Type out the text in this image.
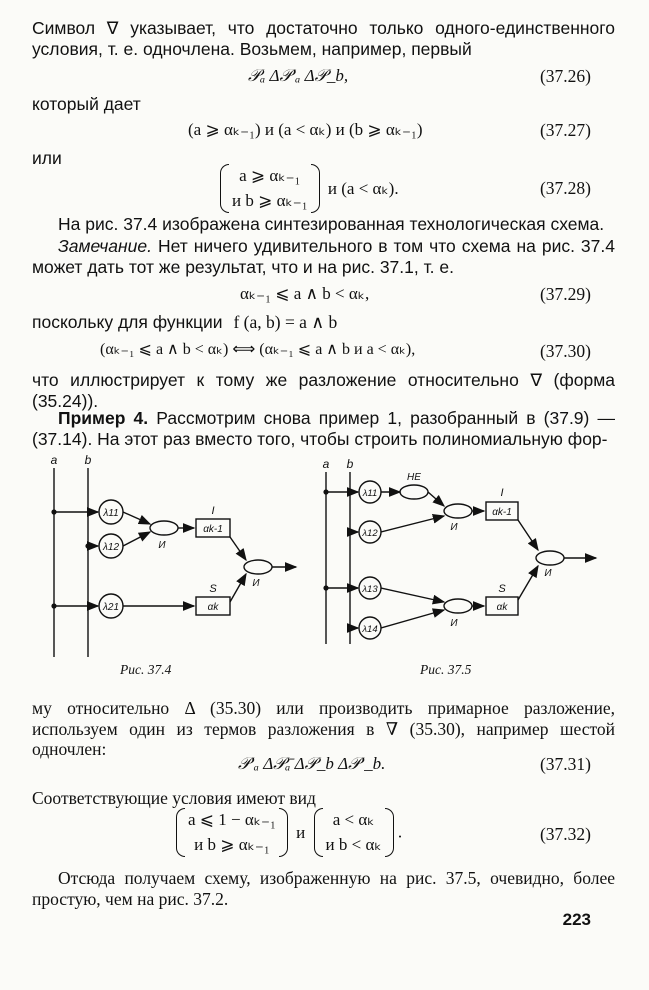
Символ ∇ указывает, что достаточно только одного-единственного условия, т. е. одночлена. Возьмем, например, первый
𝒫ₐ Δ𝒫′ₐ Δ𝒫_b,	(37.26)
который дает
(a ⩾ αₖ₋₁) и (a < αₖ) и (b ⩾ αₖ₋₁)	(37.27)
или
a ⩾ αₖ₋₁
и b ⩾ αₖ₋₁
и (a < αₖ).	(37.28)
На рис. 37.4 изображена синтезированная технологическая схема.
Замечание. Нет ничего удивительного в том что схема на рис. 37.4 может дать тот же результат, что и на рис. 37.1, т. е.
αₖ₋₁ ⩽ a ∧ b < αₖ,	(37.29)
поскольку для функции f (a, b) = a ∧ b
(αₖ₋₁ ⩽ a ∧ b < αₖ) ⟺ (αₖ₋₁ ⩽ a ∧ b и a < αₖ),	(37.30)
что иллюстрирует к тому же разложение относительно ∇ (форма (35.24)).
Пример 4. Рассмотрим снова пример 1, разобранный в (37.9) — (37.14). На этот раз вместо того, чтобы строить полиномиальную фор-
a b
λ11
λ12
λ21
И
И
I
αk-1
S
αk
Рис. 37.4
a b
λ11
λ12
λ13
λ14
НЕ
И
И
И
I
αk-1
S
αk
Рис. 37.5
му относительно Δ (35.30) или производить примарное разложение, используем один из термов разложения в ∇ (35.30), например шестой одночлен:
𝒫′ₐ Δ𝒫ₐ̄ Δ𝒫_b Δ𝒫′_b.	(37.31)
Соответствующие условия имеют вид
a ⩽ 1 − αₖ₋₁
и b ⩾ αₖ₋₁
и
a < αₖ
и b < αₖ
.	(37.32)
Отсюда получаем схему, изображенную на рис. 37.5, очевидно, более простую, чем на рис. 37.2.
223
